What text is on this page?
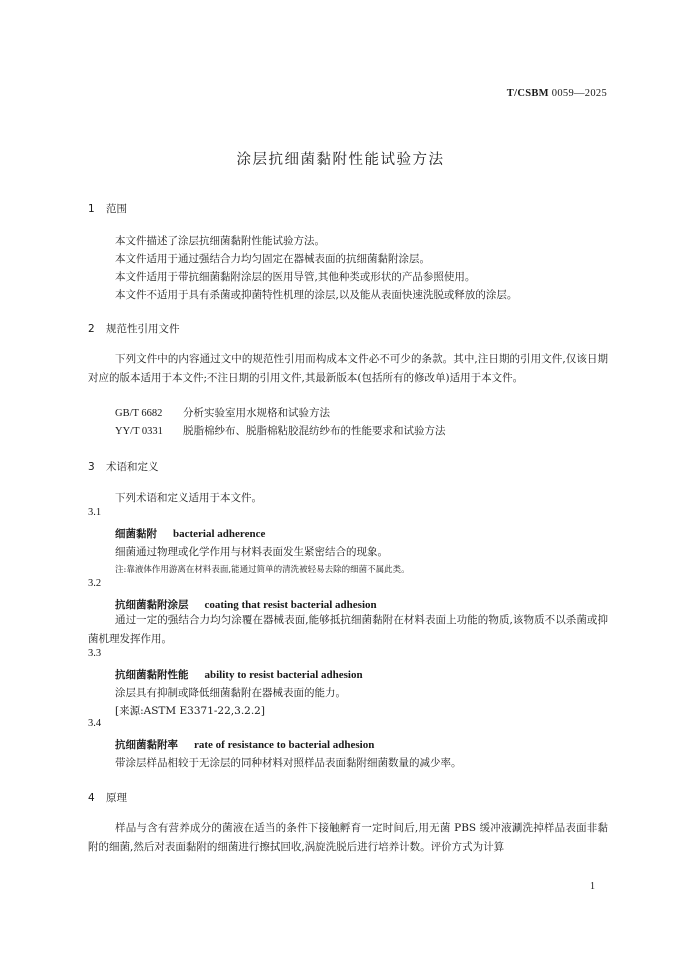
T/CSBM 0059—2025
涂层抗细菌黏附性能试验方法
1 范围
本文件描述了涂层抗细菌黏附性能试验方法。
本文件适用于通过强结合力均匀固定在器械表面的抗细菌黏附涂层。
本文件适用于带抗细菌黏附涂层的医用导管,其他种类或形状的产品参照使用。
本文件不适用于具有杀菌或抑菌特性机理的涂层,以及能从表面快速洗脱或释放的涂层。
2 规范性引用文件

下列文件中的内容通过文中的规范性引用而构成本文件必不可少的条款。其中,注日期的引用文件,仅该日期对应的版本适用于本文件;不注日期的引用文件,其最新版本(包括所有的修改单)适用于本文件。

GB/T 6682 分析实验室用水规格和试验方法
YY/T 0331 脱脂棉纱布、脱脂棉粘胶混纺纱布的性能要求和试验方法
3 术语和定义
下列术语和定义适用于本文件。
3.1
细菌黏附 bacterial adherence
细菌通过物理或化学作用与材料表面发生紧密结合的现象。
注:靠液体作用游离在材料表面,能通过简单的清洗被轻易去除的细菌不属此类。
3.2
抗细菌黏附涂层 coating that resist bacterial adhesion

通过一定的强结合力均匀涂覆在器械表面,能够抵抗细菌黏附在材料表面上功能的物质,该物质不以杀菌或抑菌机理发挥作用。

3.3
抗细菌黏附性能 ability to resist bacterial adhesion
涂层具有抑制或降低细菌黏附在器械表面的能力。
[来源:ASTM E3371-22,3.2.2]
3.4
抗细菌黏附率 rate of resistance to bacterial adhesion
带涂层样品相较于无涂层的同种材料对照样品表面黏附细菌数量的减少率。
4 原理

样品与含有营养成分的菌液在适当的条件下接触孵育一定时间后,用无菌 PBS 缓冲液涮洗掉样品表面非黏附的细菌,然后对表面黏附的细菌进行擦拭回收,涡旋洗脱后进行培养计数。评价方式为计算

1
